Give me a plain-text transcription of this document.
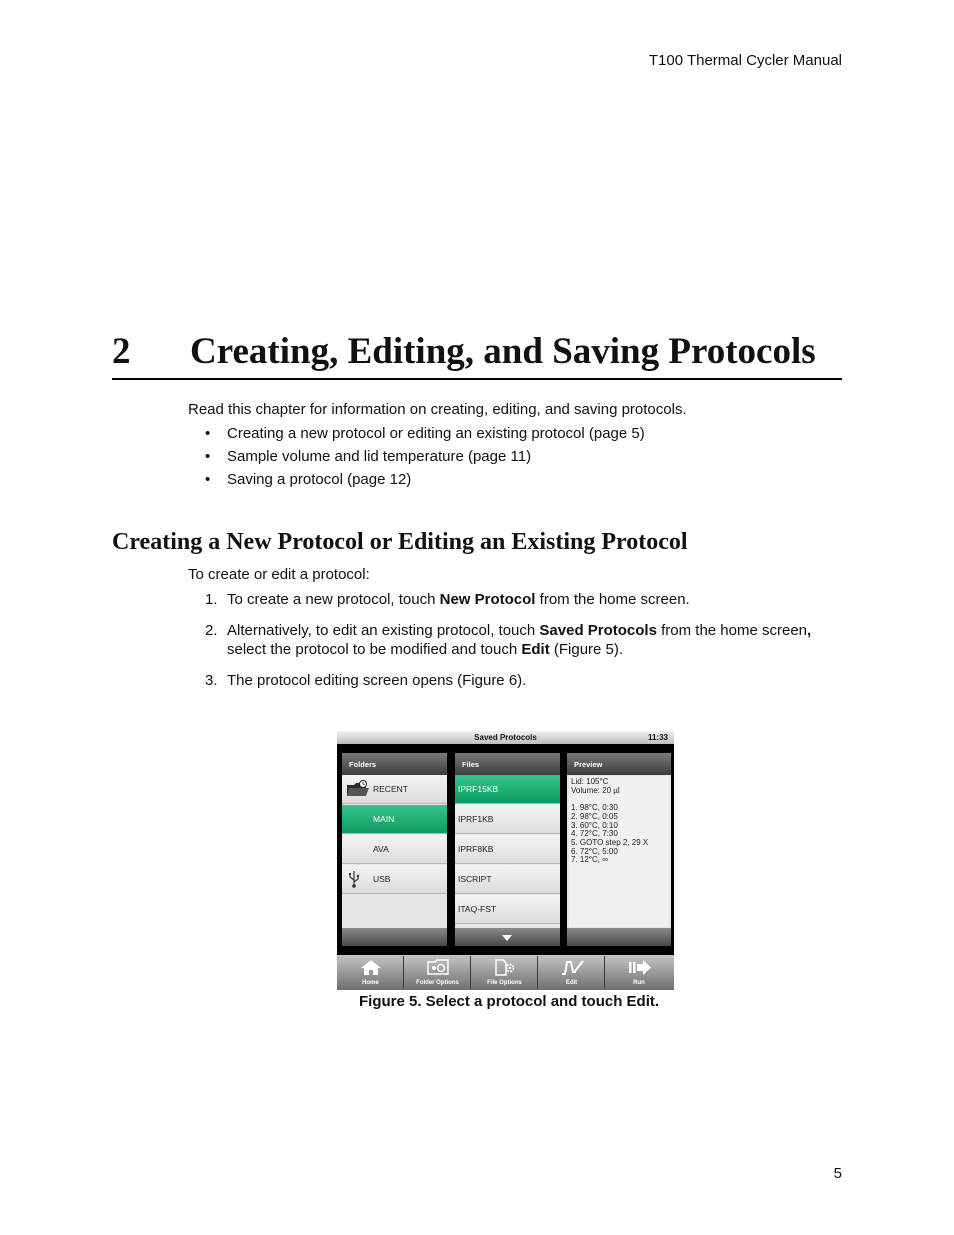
T100 Thermal Cycler Manual
2 Creating, Editing, and Saving Protocols
Read this chapter for information on creating, editing, and saving protocols.
• Creating a new protocol or editing an existing protocol (page 5)
• Sample volume and lid temperature (page 11)
• Saving a protocol (page 12)
Creating a New Protocol or Editing an Existing Protocol
To create or edit a protocol:
1. To create a new protocol, touch New Protocol from the home screen.
2. Alternatively, to edit an existing protocol, touch Saved Protocols from the home screen,
select the protocol to be modified and touch Edit (Figure 5).
3. The protocol editing screen opens (Figure 6).
Saved Protocols	11:33
Folders
RECENT
MAIN
AVA
USB
Files
IPRF15KB
IPRF1KB
IPRF8KB
ISCRIPT
ITAQ-FST
Preview
Lid: 105°C
Volume: 20 µl
1. 98°C, 0:30
2. 98°C, 0:05
3. 60°C, 0:10
4. 72°C, 7:30
5. GOTO step 2, 29 X
6. 72°C, 5:00
7. 12°C, ∞
Home	Folder Options	File Options	Edit	Run
Figure 5. Select a protocol and touch Edit.
5
